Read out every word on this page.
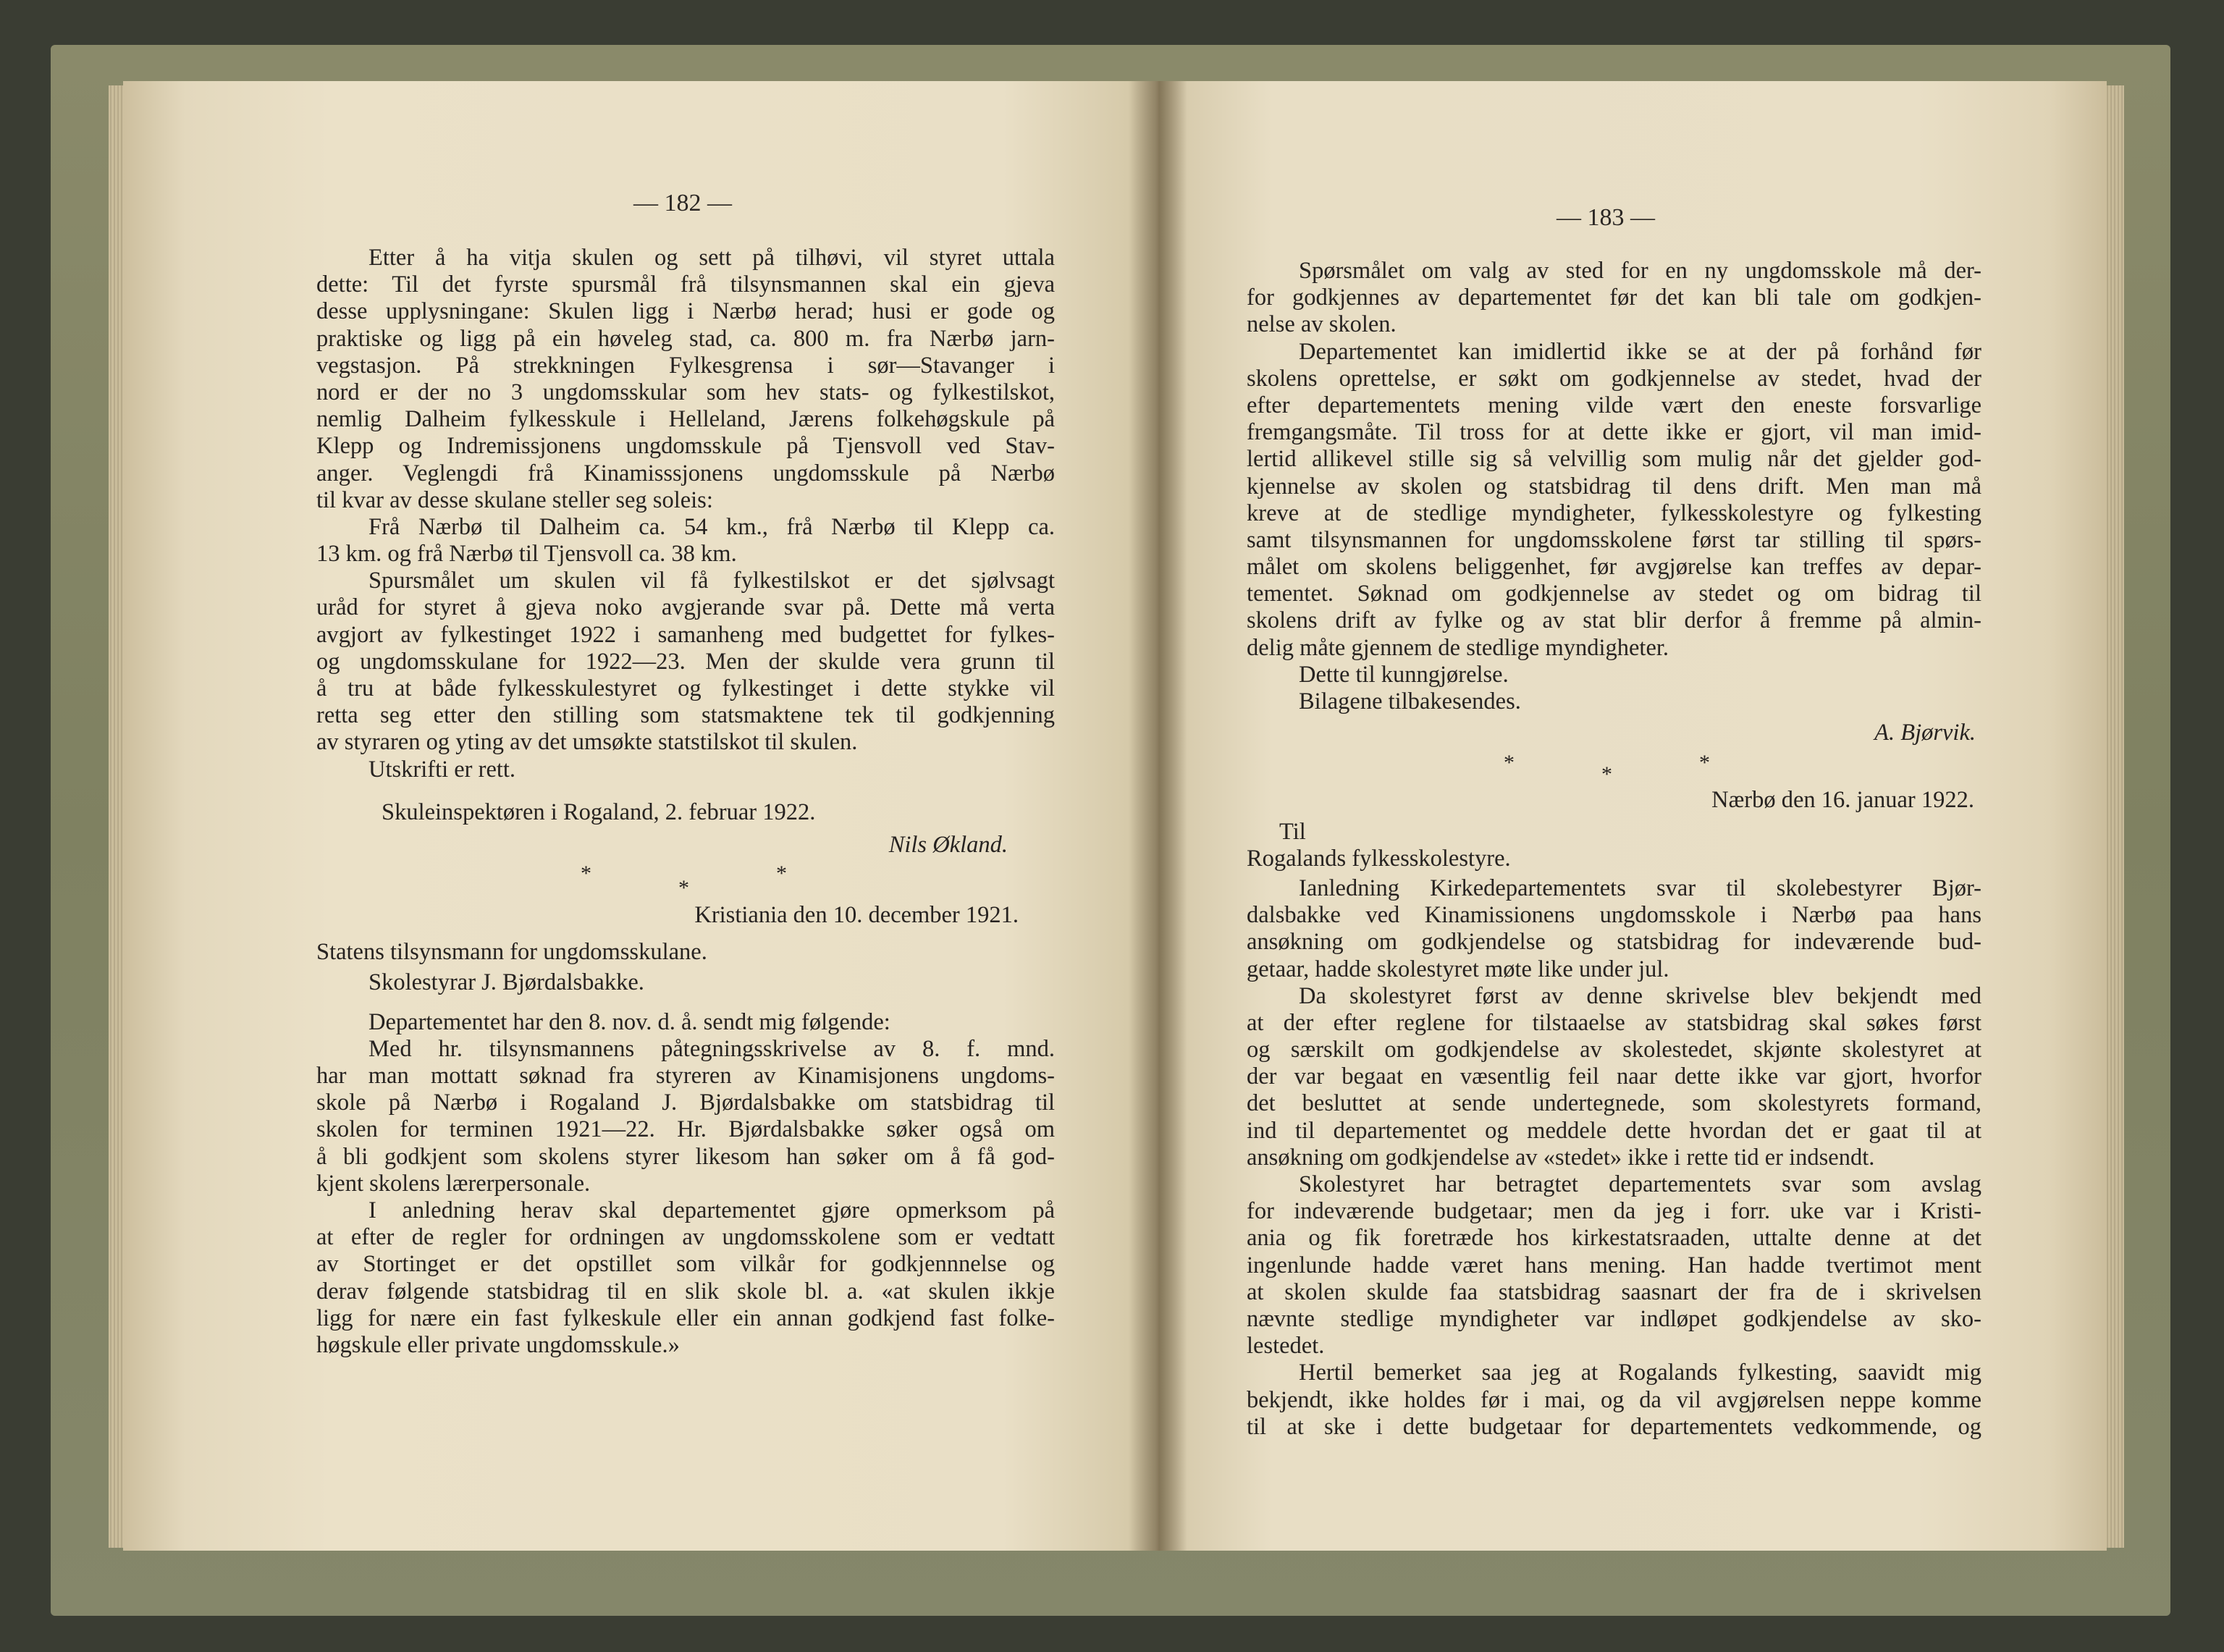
— 182 —
— 183 —
Etter å ha vitja skulen og sett på tilhøvi, vil styret uttala
dette: Til det fyrste spursmål frå tilsynsmannen skal ein gjeva
desse upplysningane: Skulen ligg i Nærbø herad; husi er gode og
praktiske og ligg på ein høveleg stad, ca. 800 m. fra Nærbø jarn-
vegstasjon. På strekkningen Fylkesgrensa i sør—Stavanger i
nord er der no 3 ungdomsskular som hev stats- og fylkestilskot,
nemlig Dalheim fylkesskule i Helleland, Jærens folkehøgskule på
Klepp og Indremissjonens ungdomsskule på Tjensvoll ved Stav-
anger. Veglengdi frå Kinamisssjonens ungdomsskule på Nærbø
til kvar av desse skulane steller seg soleis:
Frå Nærbø til Dalheim ca. 54 km., frå Nærbø til Klepp ca.
13 km. og frå Nærbø til Tjensvoll ca. 38 km.
Spursmålet um skulen vil få fylkestilskot er det sjølvsagt
uråd for styret å gjeva noko avgjerande svar på. Dette må verta
avgjort av fylkestinget 1922 i samanheng med budgettet for fylkes-
og ungdomsskulane for 1922—23. Men der skulde vera grunn til
å tru at både fylkesskulestyret og fylkestinget i dette stykke vil
retta seg etter den stilling som statsmaktene tek til godkjenning
av styraren og yting av det umsøkte statstilskot til skulen.
Utskrifti er rett.
Skuleinspektøren i Rogaland, 2. februar 1922.
Nils Økland.
*
*
*
Kristiania den 10. december 1921.
Statens tilsynsmann for ungdomsskulane.
Skolestyrar J. Bjørdalsbakke.
Departementet har den 8. nov. d. å. sendt mig følgende:
Med hr. tilsynsmannens påtegningsskrivelse av 8. f. mnd.
har man mottatt søknad fra styreren av Kinamisjonens ungdoms-
skole på Nærbø i Rogaland J. Bjørdalsbakke om statsbidrag til
skolen for terminen 1921—22. Hr. Bjørdalsbakke søker også om
å bli godkjent som skolens styrer likesom han søker om å få god-
kjent skolens lærerpersonale.
I anledning herav skal departementet gjøre opmerksom på
at efter de regler for ordningen av ungdomsskolene som er vedtatt
av Stortinget er det opstillet som vilkår for godkjennnelse og
derav følgende statsbidrag til en slik skole bl. a. «at skulen ikkje
ligg for nære ein fast fylkeskule eller ein annan godkjend fast folke-
høgskule eller private ungdomsskule.»
Spørsmålet om valg av sted for en ny ungdomsskole må der-
for godkjennes av departementet før det kan bli tale om godkjen-
nelse av skolen.
Departementet kan imidlertid ikke se at der på forhånd før
skolens oprettelse, er søkt om godkjennelse av stedet, hvad der
efter departementets mening vilde vært den eneste forsvarlige
fremgangsmåte. Til tross for at dette ikke er gjort, vil man imid-
lertid allikevel stille sig så velvillig som mulig når det gjelder god-
kjennelse av skolen og statsbidrag til dens drift. Men man må
kreve at de stedlige myndigheter, fylkesskolestyre og fylkesting
samt tilsynsmannen for ungdomsskolene først tar stilling til spørs-
målet om skolens beliggenhet, før avgjørelse kan treffes av depar-
tementet. Søknad om godkjennelse av stedet og om bidrag til
skolens drift av fylke og av stat blir derfor å fremme på almin-
delig måte gjennem de stedlige myndigheter.
Dette til kunngjørelse.
Bilagene tilbakesendes.
A. Bjørvik.
*	*	*
Nærbø den 16. januar 1922.
Til
Rogalands fylkesskolestyre.
Ianledning Kirkedepartementets svar til skolebestyrer Bjør-
dalsbakke ved Kinamissionens ungdomsskole i Nærbø paa hans
ansøkning om godkjendelse og statsbidrag for indeværende bud-
getaar, hadde skolestyret møte like under jul.
Da skolestyret først av denne skrivelse blev bekjendt med
at der efter reglene for tilstaaelse av statsbidrag skal søkes først
og særskilt om godkjendelse av skolestedet, skjønte skolestyret at
der var begaat en væsentlig feil naar dette ikke var gjort, hvorfor
det besluttet at sende undertegnede, som skolestyrets formand,
ind til departementet og meddele dette hvordan det er gaat til at
ansøkning om godkjendelse av «stedet» ikke i rette tid er indsendt.
Skolestyret har betragtet departementets svar som avslag
for indeværende budgetaar; men da jeg i forr. uke var i Kristi-
ania og fik foretræde hos kirkestatsraaden, uttalte denne at det
ingenlunde hadde været hans mening. Han hadde tvertimot ment
at skolen skulde faa statsbidrag saasnart der fra de i skrivelsen
nævnte stedlige myndigheter var indløpet godkjendelse av sko-
lestedet.
Hertil bemerket saa jeg at Rogalands fylkesting, saavidt mig
bekjendt, ikke holdes før i mai, og da vil avgjørelsen neppe komme
til at ske i dette budgetaar for departementets vedkommende, og
